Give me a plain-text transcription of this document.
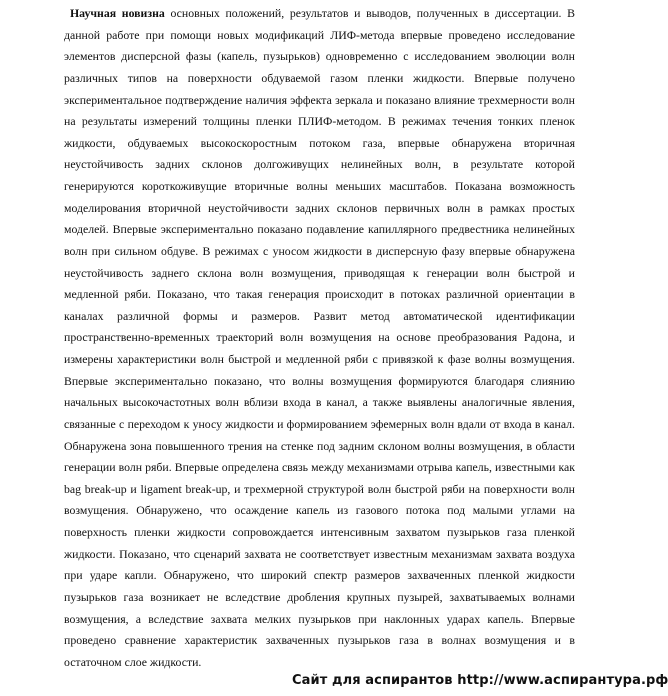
Научная новизна основных положений, результатов и выводов, полученных в диссертации. В данной работе при помощи новых модификаций ЛИФ-метода впервые проведено исследование элементов дисперсной фазы (капель, пузырьков) одновременно с исследованием эволюции волн различных типов на поверхности обдуваемой газом пленки жидкости. Впервые получено экспериментальное подтверждение наличия эффекта зеркала и показано влияние трехмерности волн на результаты измерений толщины пленки ПЛИФ-методом. В режимах течения тонких пленок жидкости, обдуваемых высокоскоростным потоком газа, впервые обнаружена вторичная неустойчивость задних склонов долгоживущих нелинейных волн, в результате которой генерируются короткоживущие вторичные волны меньших масштабов. Показана возможность моделирования вторичной неустойчивости задних склонов первичных волн в рамках простых моделей. Впервые экспериментально показано подавление капиллярного предвестника нелинейных волн при сильном обдуве. В режимах с уносом жидкости в дисперсную фазу впервые обнаружена неустойчивость заднего склона волн возмущения, приводящая к генерации волн быстрой и медленной ряби. Показано, что такая генерация происходит в потоках различной ориентации в каналах различной формы и размеров. Развит метод автоматической идентификации пространственно-временных траекторий волн возмущения на основе преобразования Радона, и измерены характеристики волн быстрой и медленной ряби с привязкой к фазе волны возмущения. Впервые экспериментально показано, что волны возмущения формируются благодаря слиянию начальных высокочастотных волн вблизи входа в канал, а также выявлены аналогичные явления, связанные с переходом к уносу жидкости и формированием эфемерных волн вдали от входа в канал. Обнаружена зона повышенного трения на стенке под задним склоном волны возмущения, в области генерации волн ряби. Впервые определена связь между механизмами отрыва капель, известными как bag break-up и ligament break-up, и трехмерной структурой волн быстрой ряби на поверхности волн возмущения. Обнаружено, что осаждение капель из газового потока под малыми углами на поверхность пленки жидкости сопровождается интенсивным захватом пузырьков газа пленкой жидкости. Показано, что сценарий захвата не соответствует известным механизмам захвата воздуха при ударе капли. Обнаружено, что широкий спектр размеров захваченных пленкой жидкости пузырьков газа возникает не вследствие дробления крупных пузырей, захватываемых волнами возмущения, а вследствие захвата мелких пузырьков при наклонных ударах капель. Впервые проведено сравнение характеристик захваченных пузырьков газа в волнах возмущения и в остаточном слое жидкости.

Сайт для аспирантов http://www.аспирантура.рф
